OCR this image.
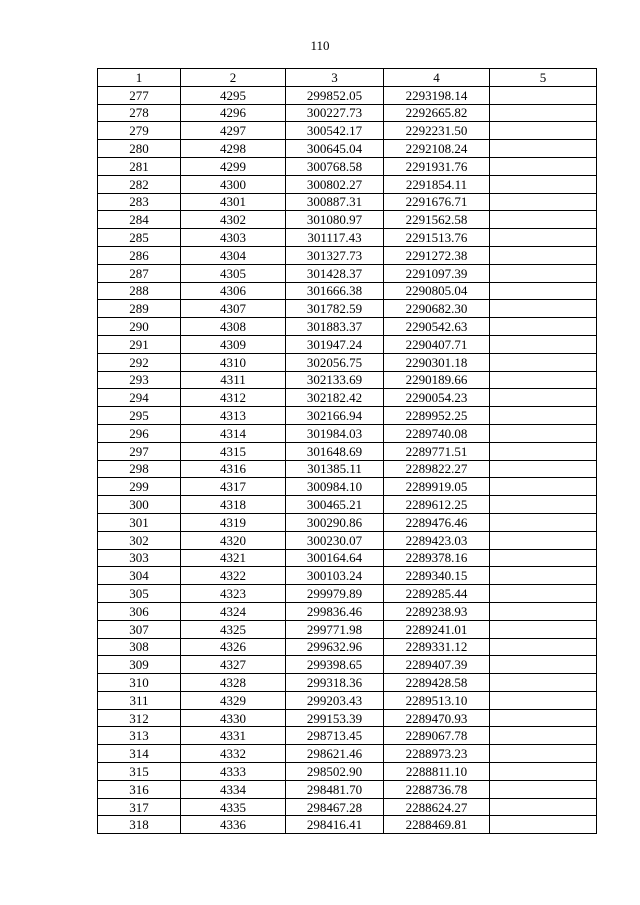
110
1	2	3	4	5
277	4295	299852.05	2293198.14	
278	4296	300227.73	2292665.82	
279	4297	300542.17	2292231.50	
280	4298	300645.04	2292108.24	
281	4299	300768.58	2291931.76	
282	4300	300802.27	2291854.11	
283	4301	300887.31	2291676.71	
284	4302	301080.97	2291562.58	
285	4303	301117.43	2291513.76	
286	4304	301327.73	2291272.38	
287	4305	301428.37	2291097.39	
288	4306	301666.38	2290805.04	
289	4307	301782.59	2290682.30	
290	4308	301883.37	2290542.63	
291	4309	301947.24	2290407.71	
292	4310	302056.75	2290301.18	
293	4311	302133.69	2290189.66	
294	4312	302182.42	2290054.23	
295	4313	302166.94	2289952.25	
296	4314	301984.03	2289740.08	
297	4315	301648.69	2289771.51	
298	4316	301385.11	2289822.27	
299	4317	300984.10	2289919.05	
300	4318	300465.21	2289612.25	
301	4319	300290.86	2289476.46	
302	4320	300230.07	2289423.03	
303	4321	300164.64	2289378.16	
304	4322	300103.24	2289340.15	
305	4323	299979.89	2289285.44	
306	4324	299836.46	2289238.93	
307	4325	299771.98	2289241.01	
308	4326	299632.96	2289331.12	
309	4327	299398.65	2289407.39	
310	4328	299318.36	2289428.58	
311	4329	299203.43	2289513.10	
312	4330	299153.39	2289470.93	
313	4331	298713.45	2289067.78	
314	4332	298621.46	2288973.23	
315	4333	298502.90	2288811.10	
316	4334	298481.70	2288736.78	
317	4335	298467.28	2288624.27	
318	4336	298416.41	2288469.81	
